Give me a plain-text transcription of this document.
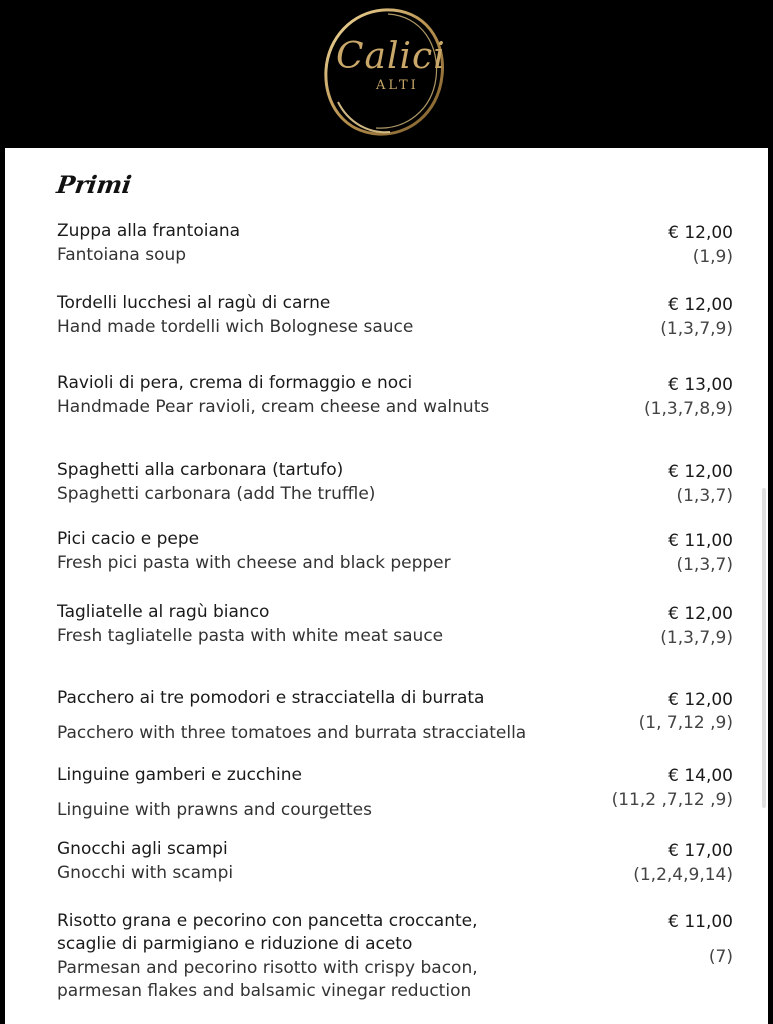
Calici
ALTI
Primi

Zuppa alla frantoiana

Fantoiana soup

€ 12,00

(1,9)

Tordelli lucchesi al ragù di carne

Hand made tordelli wich Bolognese sauce

€ 12,00

(1,3,7,9)

Ravioli di pera, crema di formaggio e noci

Handmade Pear ravioli, cream cheese and walnuts

€ 13,00

(1,3,7,8,9)

Spaghetti alla carbonara (tartufo)

Spaghetti carbonara (add The truffle)

€ 12,00

(1,3,7)

Pici cacio e pepe

Fresh pici pasta with cheese and black pepper

€ 11,00

(1,3,7)

Tagliatelle al ragù bianco

Fresh tagliatelle pasta with white meat sauce

€ 12,00

(1,3,7,9)

Paccherο ai tre pomodori e stracciatella di burrata

Pacchero with three tomatoes and burrata stracciatella

€ 12,00

(1, 7,12 ,9)

Linguine gamberi e zucchine

Linguine with prawns and courgettes

€ 14,00

(11,2 ,7,12 ,9)

Gnocchi agli scampi

Gnocchi with scampi

€ 17,00

(1,2,4,9,14)

Risotto grana e pecorino con pancetta croccante,

scaglie di parmigiano e riduzione di aceto

Parmesan and pecorino risotto with crispy bacon,

parmesan flakes and balsamic vinegar reduction

€ 11,00

(7)
